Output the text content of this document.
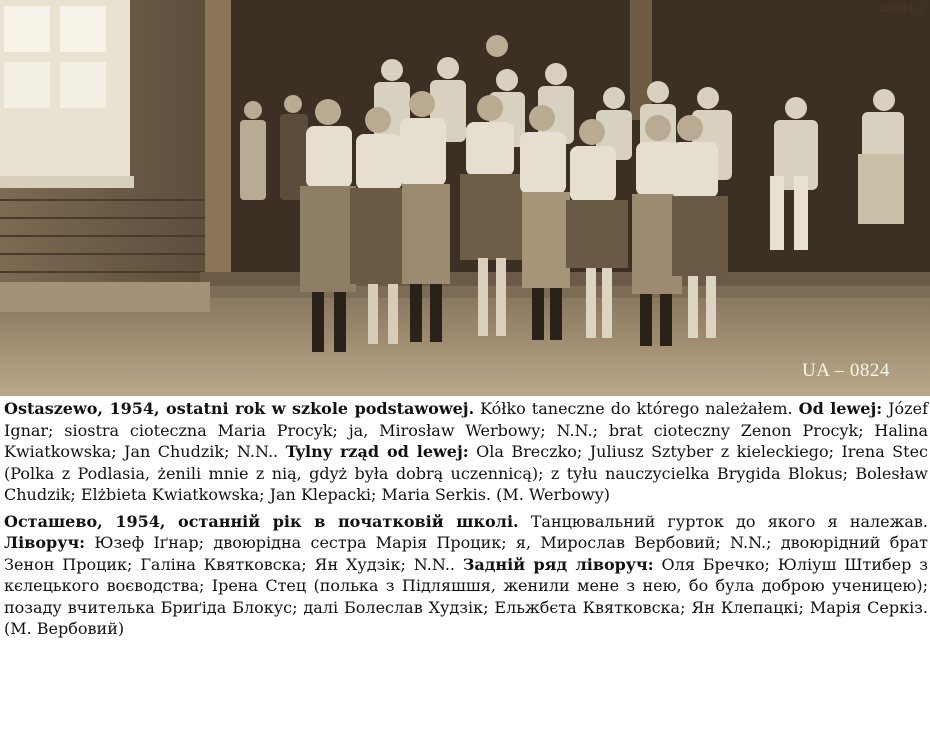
ua0824_1
UA – 0824

Ostaszewo, 1954, ostatni rok w szkole podstawowej. Kółko taneczne do którego należałem. Od lewej: Józef Ignar; siostra cioteczna Maria Procyk; ja, Mirosław Werbowy; N.N.; brat cioteczny Zenon Procyk; Halina Kwiatkowska; Jan Chudzik; N.N.. Tylny rząd od lewej: Ola Breczko; Juliusz Sztyber z kieleckiego; Irena Stec (Polka z Podlasia, żenili mnie z nią, gdyż była dobrą uczennicą); z tyłu nauczycielka Brygida Blokus; Bolesław Chudzik; Elżbieta Kwiatkowska; Jan Klepacki; Maria Serkis. (M. Werbowy)

Осташево, 1954, останній рік в початковій школі. Танцювальний гурток до якого я належав. Ліворуч: Юзеф Іґнар; двоюрідна сестра Марія Процик; я, Мирослав Вербовий; N.N.; двоюрідний брат Зенон Процик; Галіна Квятковска; Ян Худзік; N.N.. Задній ряд ліворуч: Оля Бречко; Юліуш Штибер з кєлецького воєводства; Ірена Стец (полька з Підляшшя, женили мене з нею, бо була доброю ученицею); позаду вчителька Бриґіда Блокус; далі Болеслав Худзік; Ельжбєта Квятковска; Ян Клепацкі; Марія Серкіз. (М. Вербовий)
